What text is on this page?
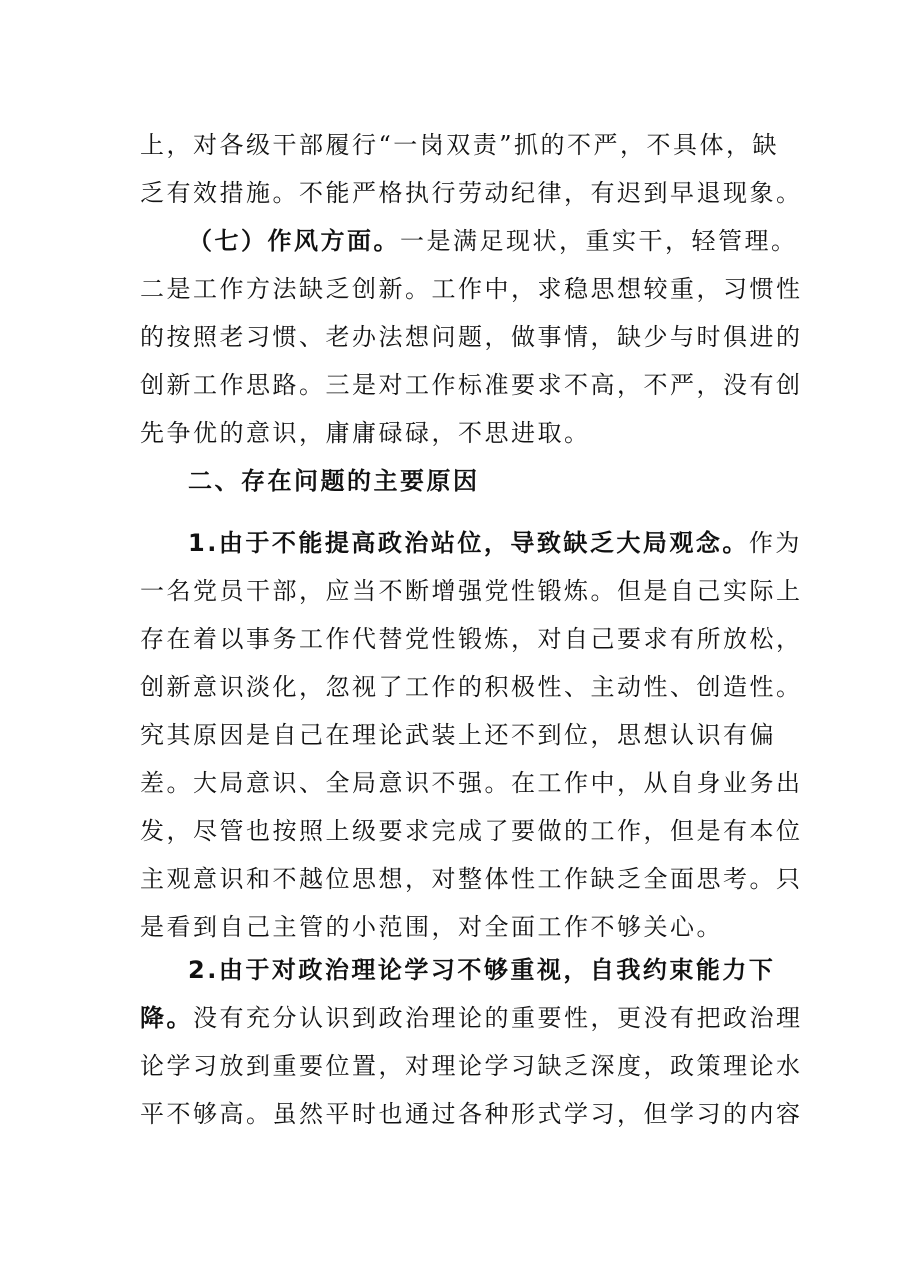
上，对各级干部履行“一岗双责”抓的不严，不具体，缺
乏有效措施。不能严格执行劳动纪律，有迟到早退现象。
（七）作风方面。一是满足现状，重实干，轻管理。
二是工作方法缺乏创新。工作中，求稳思想较重，习惯性
的按照老习惯、老办法想问题，做事情，缺少与时俱进的
创新工作思路。三是对工作标准要求不高，不严，没有创
先争优的意识，庸庸碌碌，不思进取。
二、存在问题的主要原因
1.由于不能提高政治站位，导致缺乏大局观念。作为
一名党员干部，应当不断增强党性锻炼。但是自己实际上
存在着以事务工作代替党性锻炼，对自己要求有所放松，
创新意识淡化，忽视了工作的积极性、主动性、创造性。
究其原因是自己在理论武装上还不到位，思想认识有偏
差。大局意识、全局意识不强。在工作中，从自身业务出
发，尽管也按照上级要求完成了要做的工作，但是有本位
主观意识和不越位思想，对整体性工作缺乏全面思考。只
是看到自己主管的小范围，对全面工作不够关心。
2.由于对政治理论学习不够重视，自我约束能力下
降。没有充分认识到政治理论的重要性，更没有把政治理
论学习放到重要位置，对理论学习缺乏深度，政策理论水
平不够高。虽然平时也通过各种形式学习，但学习的内容
